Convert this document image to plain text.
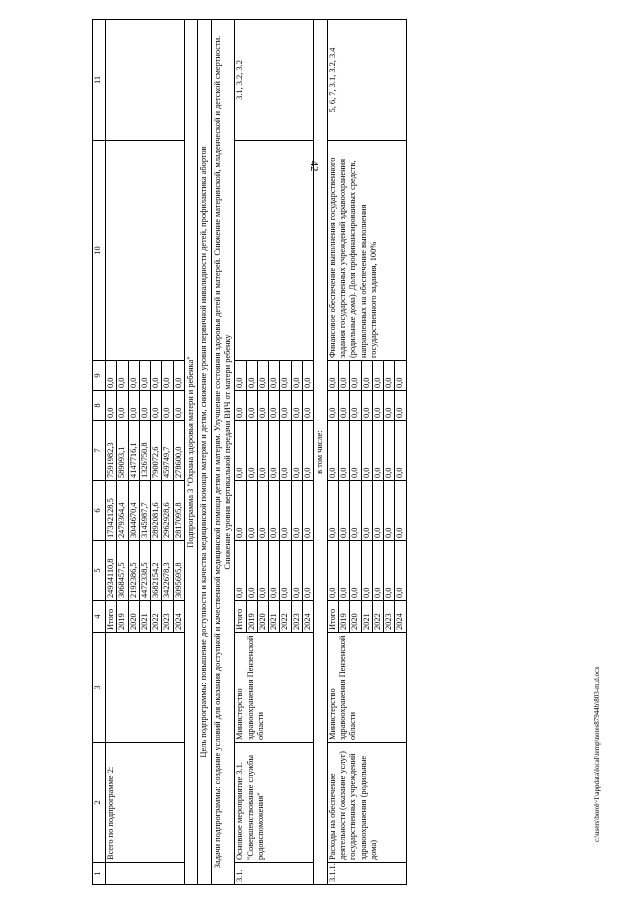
42
c:\users\borol~1\appdata\local\temp\notes87944b\803-m.d.ocx
1	2	3	4	5	6	7	8	9	10	11
	Всего по подпрограмме 2:		Итого	24934110,8	17342128,5	7591982,3	0,0	0,0		
			2019	3068457,5	2479364,4	589093,1	0,0	0,0		
			2020	2192386,5	3044670,4	4147716,1	0,0	0,0		
			2021	4472338,5	3145987,7	1326750,8	0,0	0,0		
			2022	3682154,2	2892081,6	790072,6	0,0	0,0		
			2023	3422678,3	2962928,6	459749,7	0,0	0,0		
			2024	3095695,8	2817095,8	278600,0	0,0	0,0		
Подпрограмма 3 "Охрана здоровья матери и ребенка"										
Цель подпрограммы: повышение доступности и качества медицинской помощи матерям и детям, снижение уровня первичной инвалидности детей, профилактика абортов										
Задачи подпрограммы: создание условий для оказания доступной и качественной медицинской помощи детям и матерям. Улучшение состояния здоровья детей и матерей. Снижение материнской, младенческой и детской смертности. Снижение уровня вертикальной передачи ВИЧ от матери ребенку										
3.1.	Основное мероприятие 3.1. "Совершенствование службы родовспоможения"	Министерство здравоохранения Пензенской области	Итого	0,0	0,0	0,0	0,0	0,0		3.1, 3.2, 3.2
			2019	0,0	0,0	0,0	0,0	0,0		
			2020	0,0	0,0	0,0	0,0	0,0		
			2021	0,0	0,0	0,0	0,0	0,0		
			2022	0,0	0,0	0,0	0,0	0,0		
			2023	0,0	0,0	0,0	0,0	0,0		
			2024	0,0	0,0	0,0	0,0	0,0		
в том числе:										
3.1.1.	Расходы на обеспечение деятельности (оказание услуг) государственных учреждений здравоохранения (родильные дома)	Министерство здравоохранения Пензенской области	Итого	0,0	0,0	0,0	0,0	0,0	Финансовое обеспечение выполнения государственного задания государственных учреждений здравоохранения (родильные дома). Доля профинансированных средств, направленных на обеспечение выполнения государственного задания, 100%	5, 6, 7, 3.1, 3.2, 3.4
			2019	0,0	0,0	0,0	0,0	0,0		
			2020	0,0	0,0	0,0	0,0	0,0		
			2021	0,0	0,0	0,0	0,0	0,0		
			2022	0,0	0,0	0,0	0,0	0,0		
			2023	0,0	0,0	0,0	0,0	0,0		
			2024	0,0	0,0	0,0	0,0	0,0		
